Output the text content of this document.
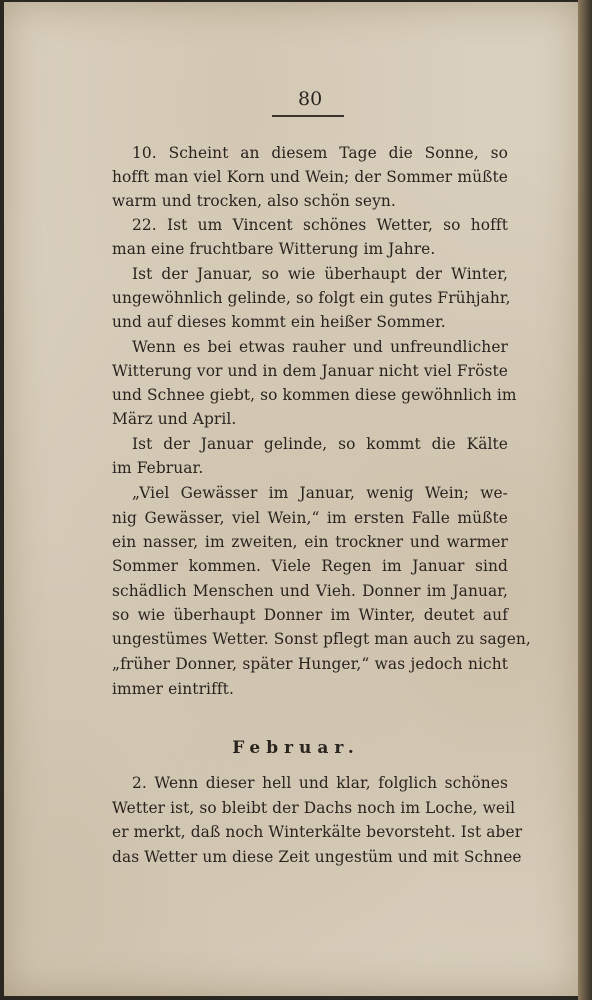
80
10. Scheint an diesem Tage die Sonne, so
hofft man viel Korn und Wein; der Sommer müßte
warm und trocken, also schön seyn.
22. Ist um Vincent schönes Wetter, so hofft
man eine fruchtbare Witterung im Jahre.
Ist der Januar, so wie überhaupt der Winter,
ungewöhnlich gelinde, so folgt ein gutes Frühjahr,
und auf dieses kommt ein heißer Sommer.
Wenn es bei etwas rauher und unfreundlicher
Witterung vor und in dem Januar nicht viel Fröste
und Schnee giebt, so kommen diese gewöhnlich im
März und April.
Ist der Januar gelinde, so kommt die Kälte
im Februar.
„Viel Gewässer im Januar, wenig Wein; we-
nig Gewässer, viel Wein,“ im ersten Falle müßte
ein nasser, im zweiten, ein trockner und warmer
Sommer kommen. Viele Regen im Januar sind
schädlich Menschen und Vieh. Donner im Januar,
so wie überhaupt Donner im Winter, deutet auf
ungestümes Wetter. Sonst pflegt man auch zu sagen,
„früher Donner, später Hunger,“ was jedoch nicht
immer eintrifft.
Februar.
2. Wenn dieser hell und klar, folglich schönes
Wetter ist, so bleibt der Dachs noch im Loche, weil
er merkt, daß noch Winterkälte bevorsteht. Ist aber
das Wetter um diese Zeit ungestüm und mit Schnee
